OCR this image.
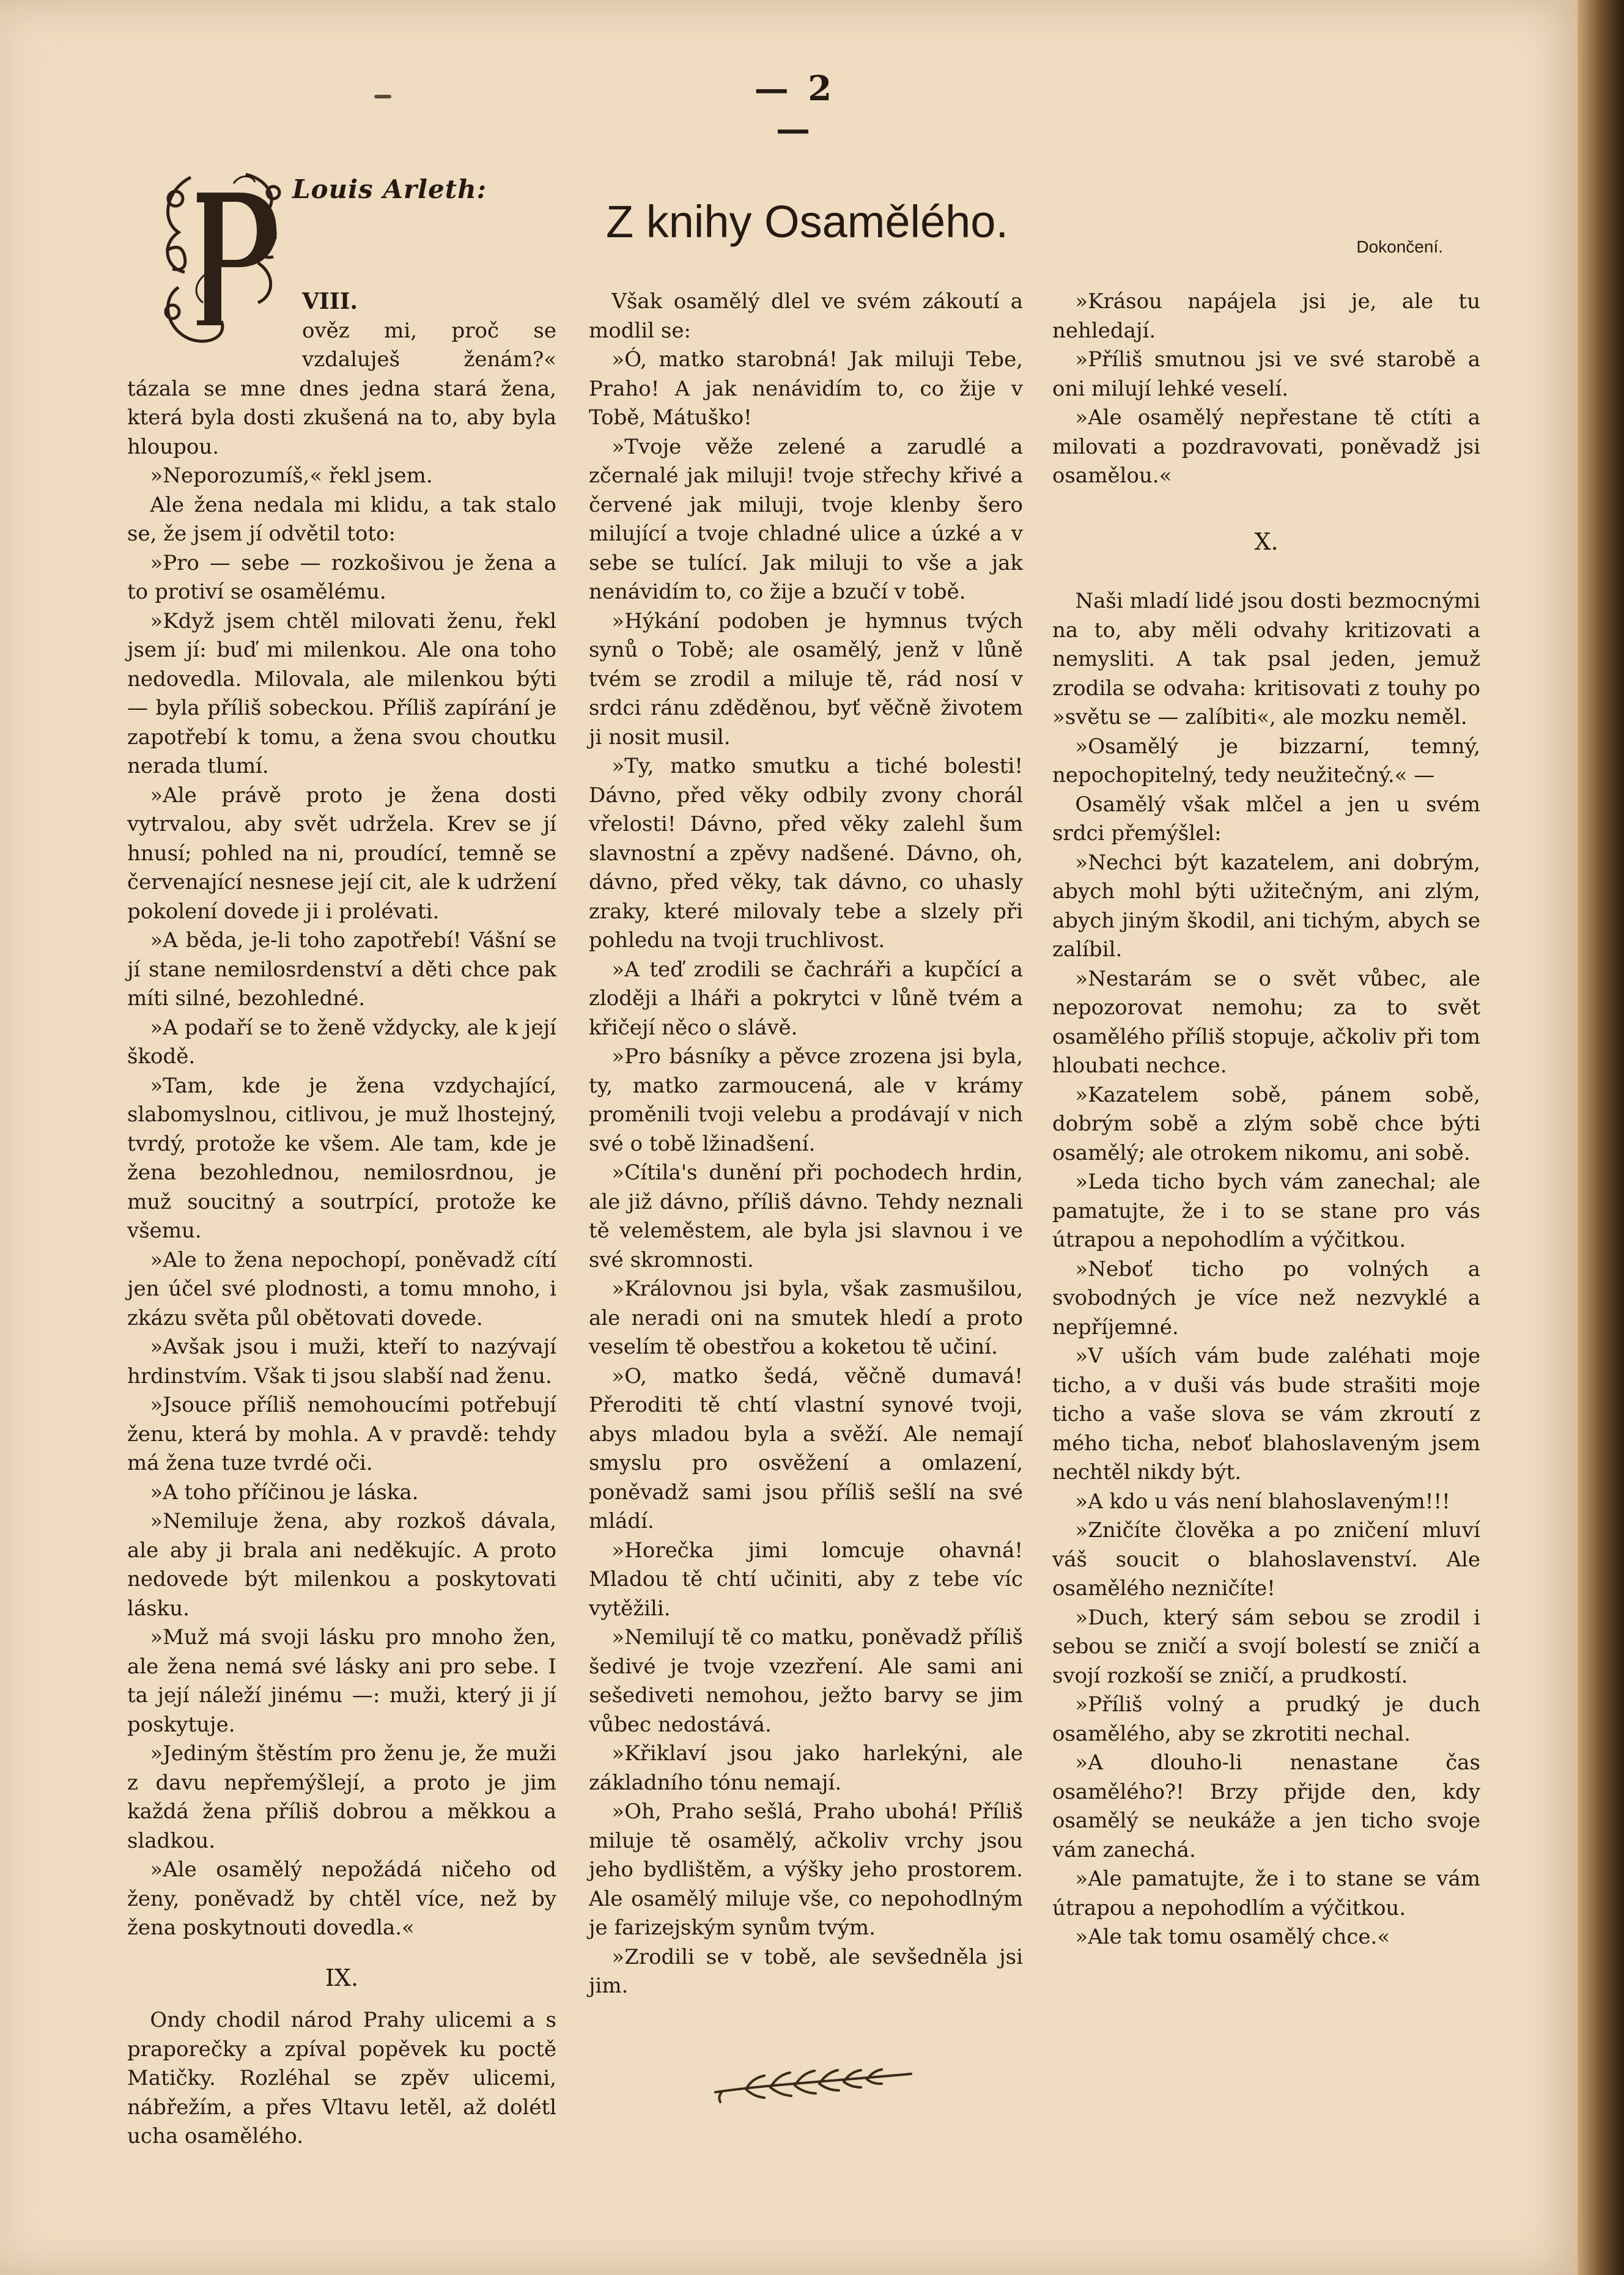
— 2 —
Louis Arleth:
Z knihy Osamělého.	Dokončení.

VIII.

ověz mi, proč se vzdaluješ ženám?« tázala se mne dnes jedna stará žena, která byla dosti zkušená na to, aby byla hloupou.

»Neporozumíš,« řekl jsem.

Ale žena nedala mi klidu, a tak stalo se, že jsem jí odvětil toto:

»Pro — sebe — rozkošivou je žena a to protiví se osamělému.

»Když jsem chtěl milovati ženu, řekl jsem jí: buď mi milenkou. Ale ona toho nedovedla. Milovala, ale milenkou býti — byla příliš sobeckou. Příliš zapírání je zapotřebí k tomu, a žena svou choutku nerada tlumí.

»Ale právě proto je žena dosti vytrvalou, aby svět udržela. Krev se jí hnusí; pohled na ni, proudící, temně se červenající nesnese její cit, ale k udržení pokolení dovede ji i prolévati.

»A běda, je-li toho zapotřebí! Vášní se jí stane nemilosrdenství a děti chce pak míti silné, bezohledné.

»A podaří se to ženě vždycky, ale k její škodě.

»Tam, kde je žena vzdychající, slabomyslnou, citlivou, je muž lhostejný, tvrdý, protože ke všem. Ale tam, kde je žena bezohlednou, nemilosrdnou, je muž soucitný a soutrpící, protože ke všemu.

»Ale to žena nepochopí, poněvadž cítí jen účel své plodnosti, a tomu mnoho, i zkázu světa půl obětovati dovede.

»Avšak jsou i muži, kteří to nazývají hrdinstvím. Však ti jsou slabší nad ženu.

»Jsouce příliš nemohoucími potřebují ženu, která by mohla. A v pravdě: tehdy má žena tuze tvrdé oči.

»A toho příčinou je láska.

»Nemiluje žena, aby rozkoš dávala, ale aby ji brala ani neděkujíc. A proto nedovede být milenkou a poskytovati lásku.

»Muž má svoji lásku pro mnoho žen, ale žena nemá své lásky ani pro sebe. I ta její náleží jinému —: muži, který ji jí poskytuje.

»Jediným štěstím pro ženu je, že muži z davu nepřemýšlejí, a proto je jim každá žena příliš dobrou a měkkou a sladkou.

»Ale osamělý nepožádá ničeho od ženy, poněvadž by chtěl více, než by žena poskytnouti dovedla.«

IX.

Ondy chodil národ Prahy ulicemi a s praporečky a zpíval popěvek ku poctě Matičky. Rozléhal se zpěv ulicemi, nábřežím, a přes Vltavu letěl, až dolétl ucha osamělého.

Však osamělý dlel ve svém zákoutí a modlil se:

»Ó, matko starobná! Jak miluji Tebe, Praho! A jak nenávidím to, co žije v Tobě, Mátuško!

»Tvoje věže zelené a zarudlé a zčernalé jak miluji! tvoje střechy křivé a červené jak miluji, tvoje klenby šero milující a tvoje chladné ulice a úzké a v sebe se tulící. Jak miluji to vše a jak nenávidím to, co žije a bzučí v tobě.

»Hýkání podoben je hymnus tvých synů o Tobě; ale osamělý, jenž v lůně tvém se zrodil a miluje tě, rád nosí v srdci ránu zděděnou, byť věčně životem ji nosit musil.

»Ty, matko smutku a tiché bolesti! Dávno, před věky odbily zvony chorál vřelosti! Dávno, před věky zalehl šum slavnostní a zpěvy nadšené. Dávno, oh, dávno, před věky, tak dávno, co uhasly zraky, které milovaly tebe a slzely při pohledu na tvoji truchlivost.

»A teď zrodili se čachráři a kupčící a zloději a lháři a pokrytci v lůně tvém a křičejí něco o slávě.

»Pro básníky a pěvce zrozena jsi byla, ty, matko zarmoucená, ale v krámy proměnili tvoji velebu a prodávají v nich své o tobě lžinadšení.

»Cítila's dunění při pochodech hrdin, ale již dávno, příliš dávno. Tehdy neznali tě veleměstem, ale byla jsi slavnou i ve své skromnosti.

»Královnou jsi byla, však zasmušilou, ale neradi oni na smutek hledí a proto veselím tě obestřou a koketou tě učiní.

»O, matko šedá, věčně dumavá! Přeroditi tě chtí vlastní synové tvoji, abys mladou byla a svěží. Ale nemají smyslu pro osvěžení a omlazení, poněvadž sami jsou příliš sešlí na své mládí.

»Horečka jimi lomcuje ohavná! Mladou tě chtí učiniti, aby z tebe víc vytěžili.

»Nemilují tě co matku, poněvadž příliš šedivé je tvoje vzezření. Ale sami ani sešediveti nemohou, ježto barvy se jim vůbec nedostává.

»Křiklaví jsou jako harlekýni, ale základního tónu nemají.

»Oh, Praho sešlá, Praho ubohá! Příliš miluje tě osamělý, ačkoliv vrchy jsou jeho bydlištěm, a výšky jeho prostorem. Ale osamělý miluje vše, co nepohodlným je farizejským synům tvým.

»Zrodili se v tobě, ale sevšedněla jsi jim.

»Krásou napájela jsi je, ale tu nehledají.

»Příliš smutnou jsi ve své starobě a oni milují lehké veselí.

»Ale osamělý nepřestane tě ctíti a milovati a pozdravovati, poněvadž jsi osamělou.«

X.

Naši mladí lidé jsou dosti bezmocnými na to, aby měli odvahy kritizovati a nemysliti. A tak psal jeden, jemuž zrodila se odvaha: kritisovati z touhy po »světu se — zalíbiti«, ale mozku neměl.

»Osamělý je bizzarní, temný, nepochopitelný, tedy neužitečný.« —

Osamělý však mlčel a jen u svém srdci přemýšlel:

»Nechci být kazatelem, ani dobrým, abych mohl býti užitečným, ani zlým, abych jiným škodil, ani tichým, abych se zalíbil.

»Nestarám se o svět vůbec, ale nepozorovat nemohu; za to svět osamělého příliš stopuje, ačkoliv při tom hloubati nechce.

»Kazatelem sobě, pánem sobě, dobrým sobě a zlým sobě chce býti osamělý; ale otrokem nikomu, ani sobě.

»Leda ticho bych vám zanechal; ale pamatujte, že i to se stane pro vás útrapou a nepohodlím a výčitkou.

»Neboť ticho po volných a svobodných je více než nezvyklé a nepříjemné.

»V uších vám bude zaléhati moje ticho, a v duši vás bude strašiti moje ticho a vaše slova se vám zkroutí z mého ticha, neboť blahoslaveným jsem nechtěl nikdy být.

»A kdo u vás není blahoslaveným!!!

»Zničíte člověka a po zničení mluví váš soucit o blahoslavenství. Ale osamělého nezničíte!

»Duch, který sám sebou se zrodil i sebou se zničí a svojí bolestí se zničí a svojí rozkoší se zničí, a prudkostí.

»Příliš volný a prudký je duch osamělého, aby se zkrotiti nechal.

»A dlouho-li nenastane čas osamělého?! Brzy přijde den, kdy osamělý se neukáže a jen ticho svoje vám zanechá.

»Ale pamatujte, že i to stane se vám útrapou a nepohodlím a výčitkou.

»Ale tak tomu osamělý chce.«
